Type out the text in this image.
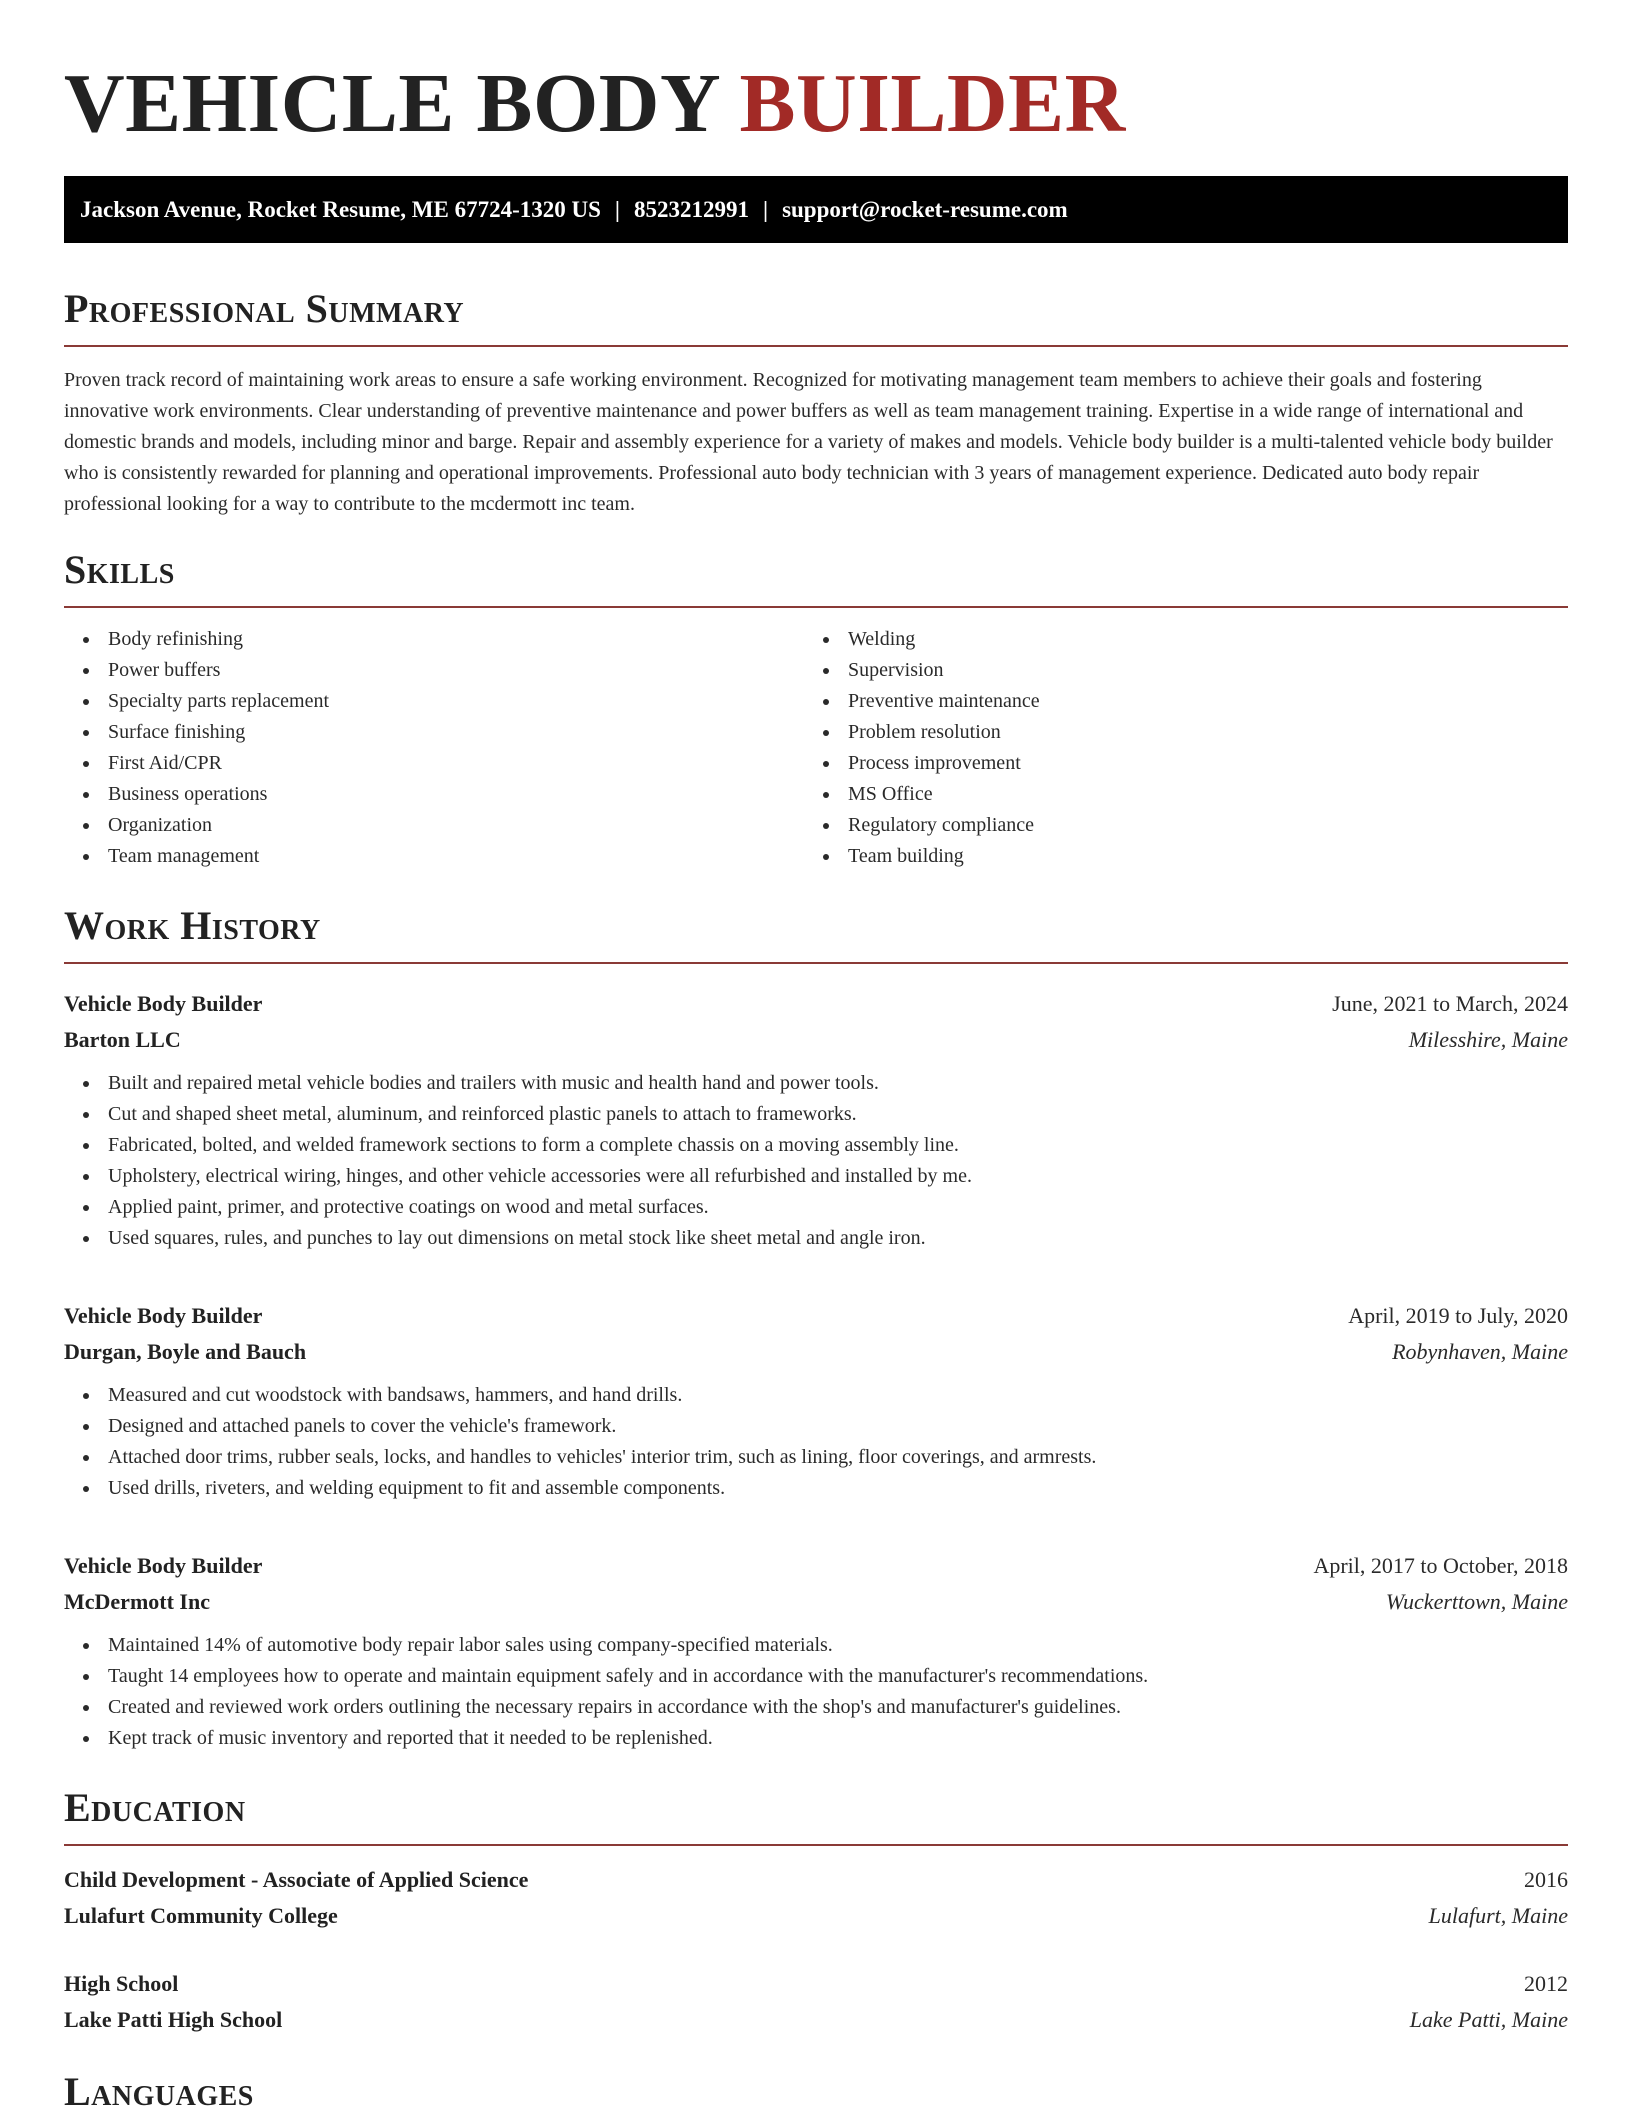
VEHICLE BODY BUILDER
Jackson Avenue, Rocket Resume, ME 67724-1320 US | 8523212991 | support@rocket-resume.com
Professional Summary

Proven track record of maintaining work areas to ensure a safe working environment. Recognized for motivating management team members to achieve their goals and fostering innovative work environments. Clear understanding of preventive maintenance and power buffers as well as team management training. Expertise in a wide range of international and domestic brands and models, including minor and barge. Repair and assembly experience for a variety of makes and models. Vehicle body builder is a multi-talented vehicle body builder who is consistently rewarded for planning and operational improvements. Professional auto body technician with 3 years of management experience. Dedicated auto body repair professional looking for a way to contribute to the mcdermott inc team.

Skills
Body refinishing
Power buffers
Specialty parts replacement
Surface finishing
First Aid/CPR
Business operations
Organization
Team management
Welding
Supervision
Preventive maintenance
Problem resolution
Process improvement
MS Office
Regulatory compliance
Team building
Work History
Vehicle Body Builder	June, 2021 to March, 2024
Barton LLC	Milesshire, Maine
Built and repaired metal vehicle bodies and trailers with music and health hand and power tools.
Cut and shaped sheet metal, aluminum, and reinforced plastic panels to attach to frameworks.
Fabricated, bolted, and welded framework sections to form a complete chassis on a moving assembly line.
Upholstery, electrical wiring, hinges, and other vehicle accessories were all refurbished and installed by me.
Applied paint, primer, and protective coatings on wood and metal surfaces.
Used squares, rules, and punches to lay out dimensions on metal stock like sheet metal and angle iron.
Vehicle Body Builder	April, 2019 to July, 2020
Durgan, Boyle and Bauch	Robynhaven, Maine
Measured and cut woodstock with bandsaws, hammers, and hand drills.
Designed and attached panels to cover the vehicle's framework.
Attached door trims, rubber seals, locks, and handles to vehicles' interior trim, such as lining, floor coverings, and armrests.
Used drills, riveters, and welding equipment to fit and assemble components.
Vehicle Body Builder	April, 2017 to October, 2018
McDermott Inc	Wuckerttown, Maine
Maintained 14% of automotive body repair labor sales using company-specified materials.
Taught 14 employees how to operate and maintain equipment safely and in accordance with the manufacturer's recommendations.
Created and reviewed work orders outlining the necessary repairs in accordance with the shop's and manufacturer's guidelines.
Kept track of music inventory and reported that it needed to be replenished.
Education
Child Development - Associate of Applied Science	2016
Lulafurt Community College	Lulafurt, Maine
High School	2012
Lake Patti High School	Lake Patti, Maine
Languages
